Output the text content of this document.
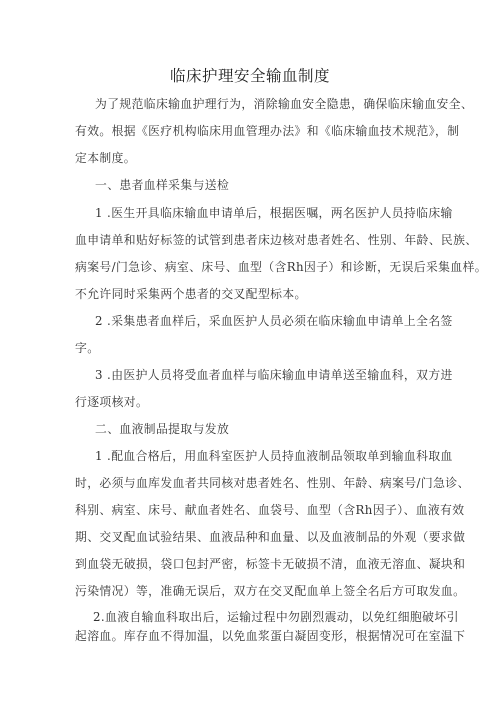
临床护理安全输血制度
为了规范临床输血护理行为，消除输血安全隐患，确保临床输血安全、
有效。根据《医疗机构临床用血管理办法》和《临床输血技术规范》，制
定本制度。
一、患者血样采集与送检
1 .医生开具临床输血申请单后，根据医嘱，两名医护人员持临床输
血申请单和贴好标签的试管到患者床边核对患者姓名、性别、年龄、民族、
病案号/门急诊、病室、床号、血型（含Rh因子）和诊断，无误后采集血样。
不允许同时采集两个患者的交叉配型标本。
2 .采集患者血样后，采血医护人员必须在临床输血申请单上全名签
字。
3 .由医护人员将受血者血样与临床输血申请单送至输血科，双方进
行逐项核对。
二、血液制品提取与发放
1 .配血合格后，用血科室医护人员持血液制品领取单到输血科取血
时，必须与血库发血者共同核对患者姓名、性别、年龄、病案号/门急诊、
科别、病室、床号、献血者姓名、血袋号、血型（含Rh因子）、血液有效
期、交叉配血试验结果、血液品种和血量、以及血液制品的外观（要求做
到血袋无破损，袋口包封严密，标签卡无破损不清，血液无溶血、凝块和
污染情况）等，准确无误后，双方在交叉配血单上签全名后方可取发血。
2.血液自输血科取出后，运输过程中勿剧烈震动，以免红细胞破坏引
起溶血。库存血不得加温，以免血浆蛋白凝固变形，根据情况可在室温下
